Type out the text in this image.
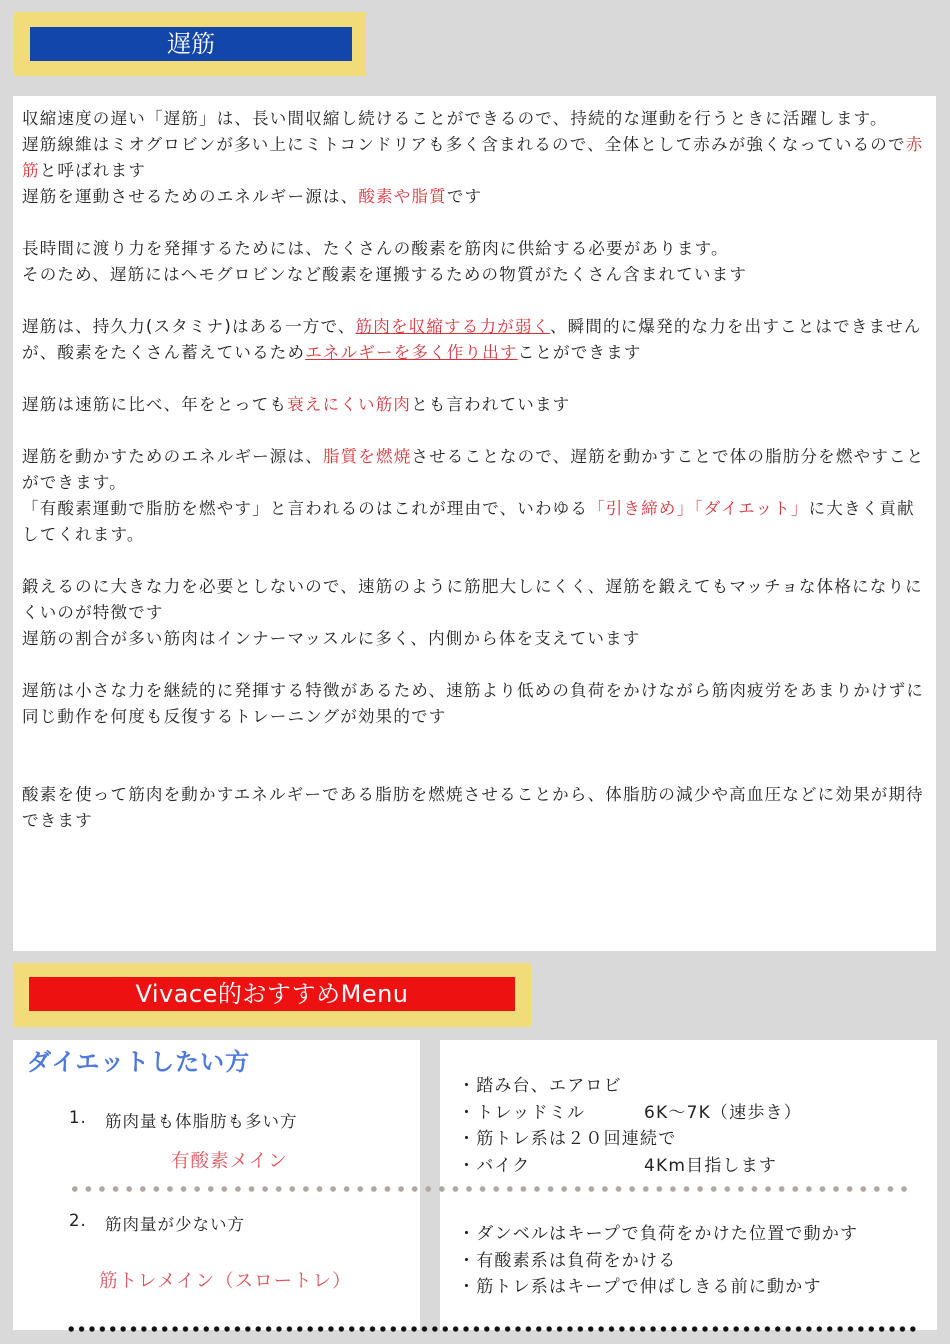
遅筋

収縮速度の遅い「遅筋」は、長い間収縮し続けることができるので、持続的な運動を行うときに活躍します。

遅筋線維はミオグロビンが多い上にミトコンドリアも多く含まれるので、全体として赤みが強くなっているので赤筋と呼ばれます

遅筋を運動させるためのエネルギー源は、酸素や脂質です

長時間に渡り力を発揮するためには、たくさんの酸素を筋肉に供給する必要があります。

そのため、遅筋にはヘモグロビンなど酸素を運搬するための物質がたくさん含まれています

遅筋は、持久力(スタミナ)はある一方で、筋肉を収縮する力が弱く、瞬間的に爆発的な力を出すことはできませんが、酸素をたくさん蓄えているためエネルギーを多く作り出すことができます

遅筋は速筋に比べ、年をとっても衰えにくい筋肉とも言われています

遅筋を動かすためのエネルギー源は、脂質を燃焼させることなので、遅筋を動かすことで体の脂肪分を燃やすことができます。

「有酸素運動で脂肪を燃やす」と言われるのはこれが理由で、いわゆる「引き締め」「ダイエット」に大きく貢献してくれます。

鍛えるのに大きな力を必要としないので、速筋のように筋肥大しにくく、遅筋を鍛えてもマッチョな体格になりにくいのが特徴です

遅筋の割合が多い筋肉はインナーマッスルに多く、内側から体を支えています

遅筋は小さな力を継続的に発揮する特徴があるため、速筋より低めの負荷をかけながら筋肉疲労をあまりかけずに同じ動作を何度も反復するトレーニングが効果的です

酸素を使って筋肉を動かすエネルギーである脂肪を燃焼させることから、体脂肪の減少や高血圧などに効果が期待できます

Vivace的おすすめMenu
ダイエットしたい方
1. 筋肉量も体脂肪も多い方
有酸素メイン
2. 筋肉量が少ない方
筋トレメイン（スロートレ）
・踏み台、エアロビ
・トレッドミル	6K〜7K（速歩き）
・筋トレ系は２０回連続で
・バイク	4Km目指します
・ダンベルはキープで負荷をかけた位置で動かす
・有酸素系は負荷をかける
・筋トレ系はキープで伸ばしきる前に動かす
